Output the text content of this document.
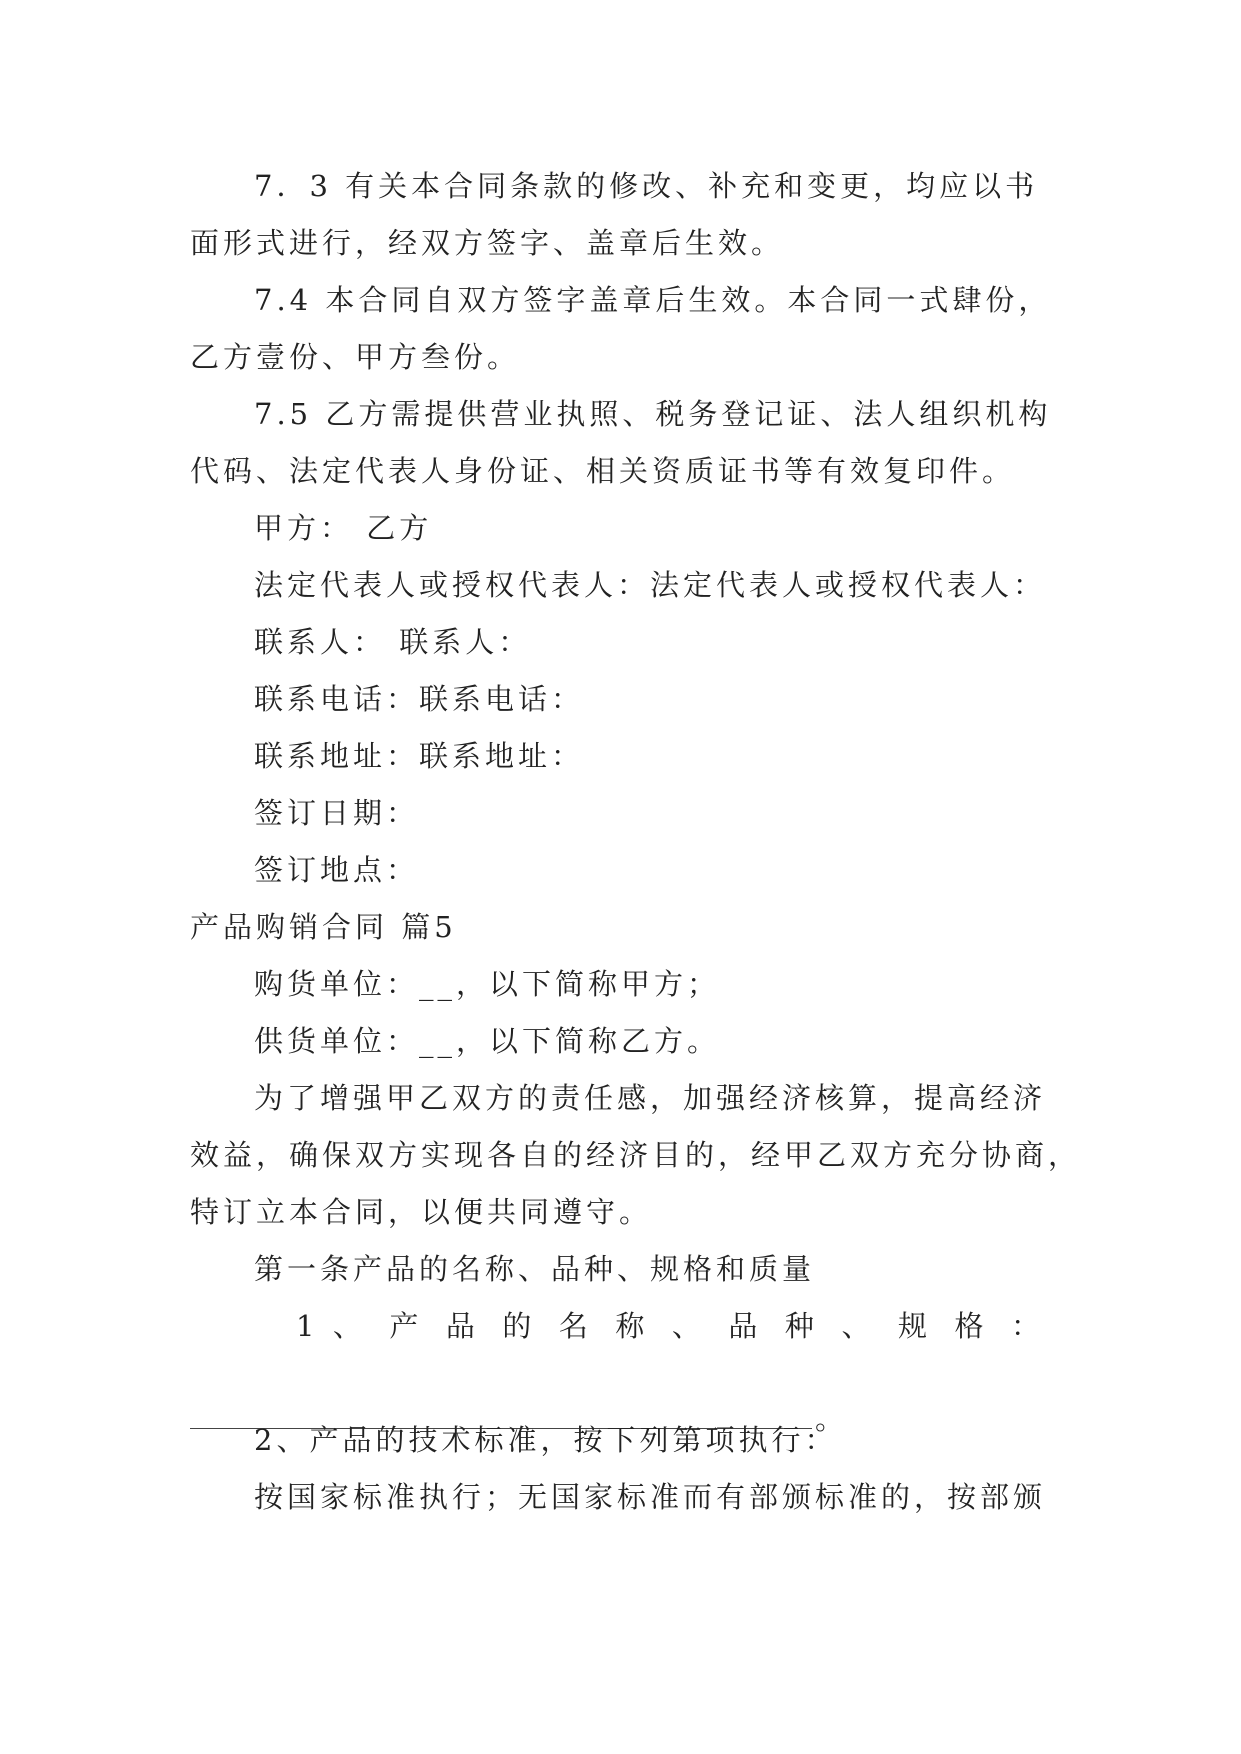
7．3 有关本合同条款的修改、补充和变更，均应以书
面形式进行，经双方签字、盖章后生效。
7.4 本合同自双方签字盖章后生效。本合同一式肆份，
乙方壹份、甲方叁份。
7.5 乙方需提供营业执照、税务登记证、法人组织机构
代码、法定代表人身份证、相关资质证书等有效复印件。
甲方： 乙方
法定代表人或授权代表人：法定代表人或授权代表人：
联系人： 联系人：
联系电话：联系电话：
联系地址：联系地址：
签订日期：
签订地点：
产品购销合同 篇5
购货单位：__，以下简称甲方；
供货单位：__，以下简称乙方。
为了增强甲乙双方的责任感，加强经济核算，提高经济
效益，确保双方实现各自的经济目的，经甲乙双方充分协商，
特订立本合同，以便共同遵守。
第一条产品的名称、品种、规格和质量
1 、 产 品 的 名 称 、 品 种 、 规 格 ：
。
2、产品的技术标准，按下列第项执行：
按国家标准执行；无国家标准而有部颁标准的，按部颁
